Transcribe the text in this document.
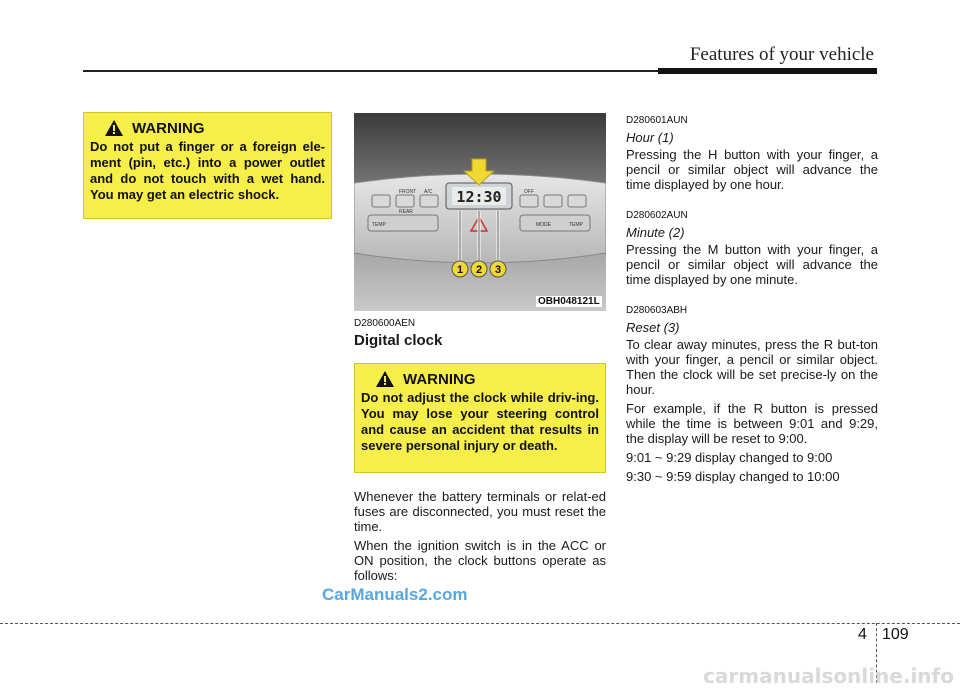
Features of your vehicle
WARNING
Do not put a finger or a foreign ele-ment (pin, etc.) into a power outlet and do not touch with a wet hand. You may get an electric shock.	12:30
1 2 3
FRONT
REAR
A/C	OFF
MODE
TEMP	TEMP
OBH048121L
D280600AEN
Digital clock
WARNING
Do not adjust the clock while driv-ing. You may lose your steering control and cause an accident that results in severe personal injury or death.

Whenever the battery terminals or relat-ed fuses are disconnected, you must reset the time.

When the ignition switch is in the ACC or ON position, the clock buttons operate as follows:

D280601AUN

Hour (1)

Pressing the H button with your finger, a pencil or similar object will advance the time displayed by one hour.

D280602AUN

Minute (2)

Pressing the M button with your finger, a pencil or similar object will advance the time displayed by one minute.

D280603ABH

Reset (3)

To clear away minutes, press the R but-ton with your finger, a pencil or similar object. Then the clock will be set precise-ly on the hour.

For example, if the R button is pressed while the time is between 9:01 and 9:29, the display will be reset to 9:00.

9:01 ~ 9:29 display changed to 9:00

9:30 ~ 9:59 display changed to 10:00

CarManuals2.com
4 109
carmanualsonline.info
